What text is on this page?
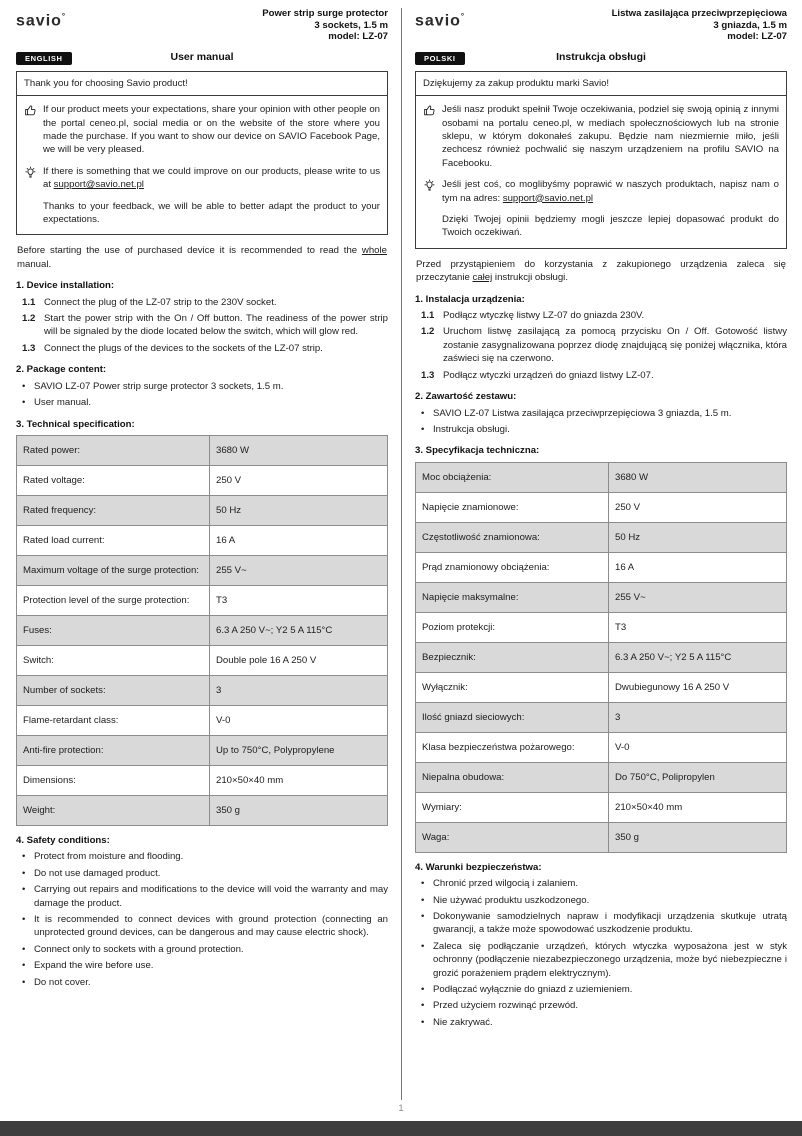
savio°	Power strip surge protector
3 sockets, 1.5 m
model: LZ-07
ENGLISH	User manual

Thank you for choosing Savio product!

If our product meets your expectations, share your opinion with other people on the portal ceneo.pl, social media or on the website of the store where you made the purchase. If you want to show our device on SAVIO Facebook Page, we will be very pleased.

If there is something that we could improve on our products, please write to us at support@savio.net.pl

Thanks to your feedback, we will be able to better adapt the product to your expectations.

Before starting the use of purchased device it is recommended to read the whole manual.

1. Device installation:
1.1 Connect the plug of the LZ-07 strip to the 230V socket.
1.2 Start the power strip with the On / Off button. The readiness of the power strip will be signaled by the diode located below the switch, which will glow red.
1.3 Connect the plugs of the devices to the sockets of the LZ-07 strip.
2. Package content:
•
SAVIO LZ-07 Power strip surge protector 3 sockets, 1.5 m.
•
User manual.
3. Technical specification:
Rated power:	3680 W
Rated voltage:	250 V
Rated frequency:	50 Hz
Rated load current:	16 A
Maximum voltage of the surge protection:	255 V~
Protection level of the surge protection:	T3
Fuses:	6.3 A 250 V~; Y2 5 A 115°C
Switch:	Double pole 16 A 250 V
Number of sockets:	3
Flame-retardant class:	V-0
Anti-fire protection:	Up to 750°C, Polypropylene
Dimensions:	210×50×40 mm
Weight:	350 g
4. Safety conditions:
•
Protect from moisture and flooding.
•
Do not use damaged product.
•
Carrying out repairs and modifications to the device will void the warranty and may damage the product.
•
It is recommended to connect devices with ground protection (connecting an unprotected ground devices, can be dangerous and may cause electric shock).
•
Connect only to sockets with a ground protection.
•
Expand the wire before use.
•
Do not cover.
savio°	Listwa zasilająca przeciwprzepięciowa
3 gniazda, 1.5 m
model: LZ-07
POLSKI	Instrukcja obsługi

Dziękujemy za zakup produktu marki Savio!

Jeśli nasz produkt spełnił Twoje oczekiwania, podziel się swoją opinią z innymi osobami na portalu ceneo.pl, w mediach społecznościowych lub na stronie sklepu, w którym dokonałeś zakupu. Będzie nam niezmiernie miło, jeśli zechcesz również pochwalić się naszym urządzeniem na profilu SAVIO na Facebooku.

Jeśli jest coś, co moglibyśmy poprawić w naszych produktach, napisz nam o tym na adres: support@savio.net.pl

Dzięki Twojej opinii będziemy mogli jeszcze lepiej dopasować produkt do Twoich oczekiwań.

Przed przystąpieniem do korzystania z zakupionego urządzenia zaleca się przeczytanie całej instrukcji obsługi.

1. Instalacja urządzenia:
1.1 Podłącz wtyczkę listwy LZ-07 do gniazda 230V.
1.2 Uruchom listwę zasilającą za pomocą przycisku On / Off. Gotowość listwy zostanie zasygnalizowana poprzez diodę znajdującą się poniżej włącznika, która zaświeci się na czerwono.
1.3 Podłącz wtyczki urządzeń do gniazd listwy LZ-07.
2. Zawartość zestawu:
•
SAVIO LZ-07 Listwa zasilająca przeciwprzepięciowa 3 gniazda, 1.5 m.
•
Instrukcja obsługi.
3. Specyfikacja techniczna:
Moc obciążenia:	3680 W
Napięcie znamionowe:	250 V
Częstotliwość znamionowa:	50 Hz
Prąd znamionowy obciążenia:	16 A
Napięcie maksymalne:	255 V~
Poziom protekcji:	T3
Bezpiecznik:	6.3 A 250 V~; Y2 5 A 115°C
Wyłącznik:	Dwubiegunowy 16 A 250 V
Ilość gniazd sieciowych:	3
Klasa bezpieczeństwa pożarowego:	V-0
Niepalna obudowa:	Do 750°C, Polipropylen
Wymiary:	210×50×40 mm
Waga:	350 g
4. Warunki bezpieczeństwa:
•
Chronić przed wilgocią i zalaniem.
•
Nie używać produktu uszkodzonego.
•
Dokonywanie samodzielnych napraw i modyfikacji urządzenia skutkuje utratą gwarancji, a także może spowodować uszkodzenie produktu.
•
Zaleca się podłączanie urządzeń, których wtyczka wyposażona jest w styk ochronny (podłączenie niezabezpieczonego urządzenia, może być niebezpieczne i grozić porażeniem prądem elektrycznym).
•
Podłączać wyłącznie do gniazd z uziemieniem.
•
Przed użyciem rozwinąć przewód.
•
Nie zakrywać.
1
